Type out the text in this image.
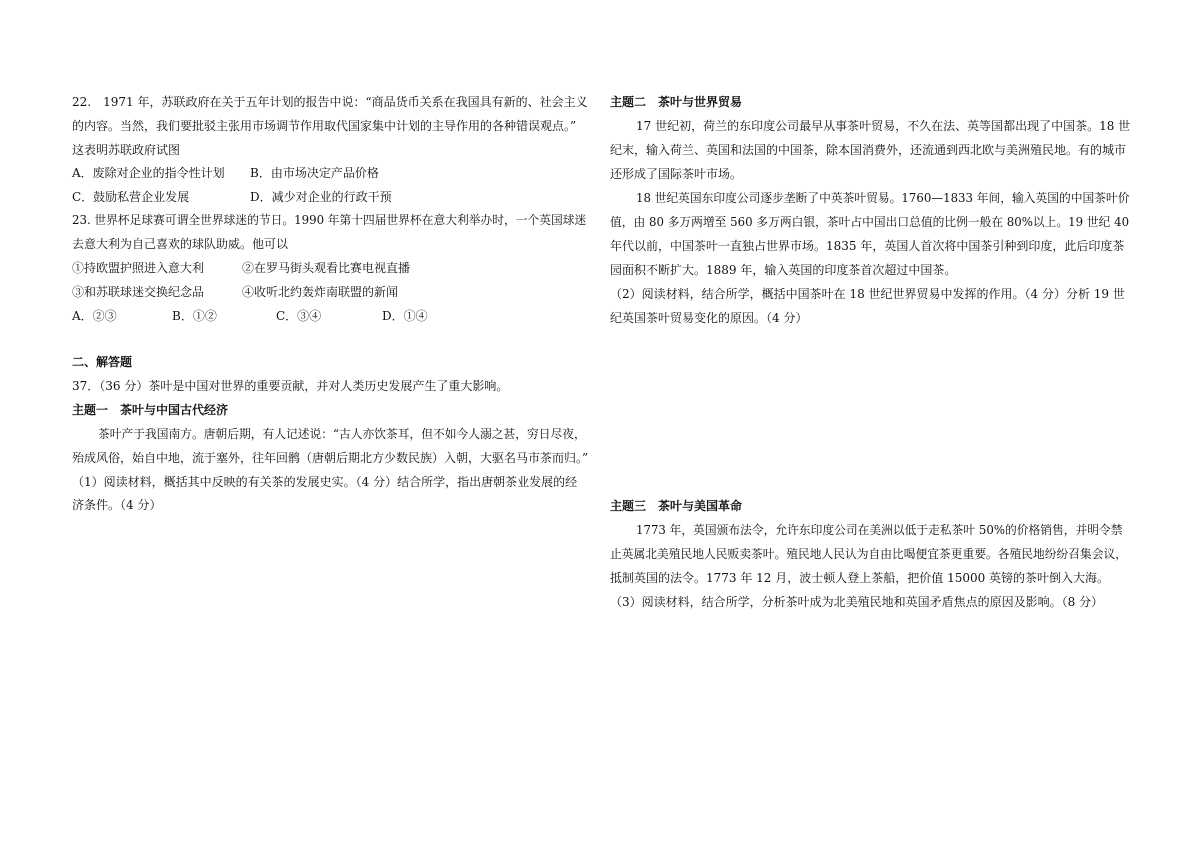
22.　1971 年，苏联政府在关于五年计划的报告中说：“商品货币关系在我国具有新的、社会主义
的内容。当然，我们要批驳主张用市场调节作用取代国家集中计划的主导作用的各种错误观点。”
这表明苏联政府试图
A．废除对企业的指令性计划 B．由市场决定产品价格
C．鼓励私营企业发展	D．减少对企业的行政干预
23. 世界杯足球赛可谓全世界球迷的节日。1990 年第十四届世界杯在意大利举办时，一个英国球迷
去意大利为自己喜欢的球队助威。他可以
①持欧盟护照进入意大利	②在罗马街头观看比赛电视直播
③和苏联球迷交换纪念品	④收听北约轰炸南联盟的新闻
A．②③	B．①②	C．③④	D．①④
二、解答题
37．（36 分）茶叶是中国对世界的重要贡献，并对人类历史发展产生了重大影响。
主题一　茶叶与中国古代经济
茶叶产于我国南方。唐朝后期，有人记述说：“古人亦饮茶耳，但不如今人溺之甚，穷日尽夜，
殆成风俗，始自中地，流于塞外，往年回鹘（唐朝后期北方少数民族）入朝，大驱名马市茶而归。”
（1）阅读材料，概括其中反映的有关茶的发展史实。（4 分）结合所学，指出唐朝茶业发展的经
济条件。（4 分）
主题二　茶叶与世界贸易
17 世纪初，荷兰的东印度公司最早从事茶叶贸易，不久在法、英等国都出现了中国茶。18 世
纪末，输入荷兰、英国和法国的中国茶，除本国消费外，还流通到西北欧与美洲殖民地。有的城市
还形成了国际茶叶市场。
18 世纪英国东印度公司逐步垄断了中英茶叶贸易。1760—1833 年间，输入英国的中国茶叶价
值，由 80 多万两增至 560 多万两白银，茶叶占中国出口总值的比例一般在 80%以上。19 世纪 40
年代以前，中国茶叶一直独占世界市场。1835 年，英国人首次将中国茶引种到印度，此后印度茶
园面积不断扩大。1889 年，输入英国的印度茶首次超过中国茶。
（2）阅读材料，结合所学，概括中国茶叶在 18 世纪世界贸易中发挥的作用。（4 分）分析 19 世
纪英国茶叶贸易变化的原因。（4 分）
主题三　茶叶与美国革命
1773 年，英国颁布法令，允许东印度公司在美洲以低于走私茶叶 50%的价格销售，并明令禁
止英属北美殖民地人民贩卖茶叶。殖民地人民认为自由比喝便宜茶更重要。各殖民地纷纷召集会议，
抵制英国的法令。1773 年 12 月，波士顿人登上茶船，把价值 15000 英镑的茶叶倒入大海。
（3）阅读材料，结合所学，分析茶叶成为北美殖民地和英国矛盾焦点的原因及影响。（8 分）
